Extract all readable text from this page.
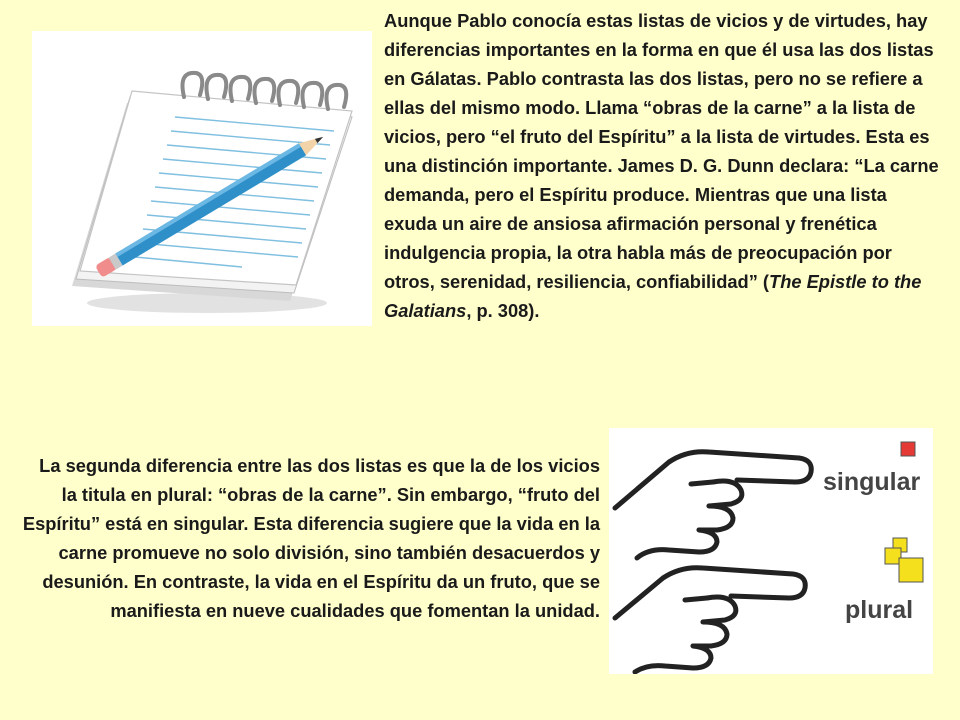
Aunque Pablo conocía estas listas de vicios y de virtudes, hay diferencias importantes en la forma en que él usa las dos listas en Gálatas. Pablo contrasta las dos listas, pero no se refiere a ellas del mismo modo. Llama “obras de la carne” a la lista de vicios, pero “el fruto del Espíritu” a la lista de virtudes. Esta es una distinción importante. James D. G. Dunn declara: “La carne demanda, pero el Espíritu produce. Mientras que una lista exuda un aire de ansiosa afirmación personal y frenética indulgencia propia, la otra habla más de preocupación por otros, serenidad, resiliencia, confiabilidad” (The Epistle to the Galatians, p. 308).

La segunda diferencia entre las dos listas es que la de los vicios la titula en plural: “obras de la carne”. Sin embargo, “fruto del Espíritu” está en singular. Esta diferencia sugiere que la vida en la carne promueve no solo división, sino también desacuerdos y desunión. En contraste, la vida en el Espíritu da un fruto, que se manifiesta en nueve cualidades que fomentan la unidad.

singular
plural
